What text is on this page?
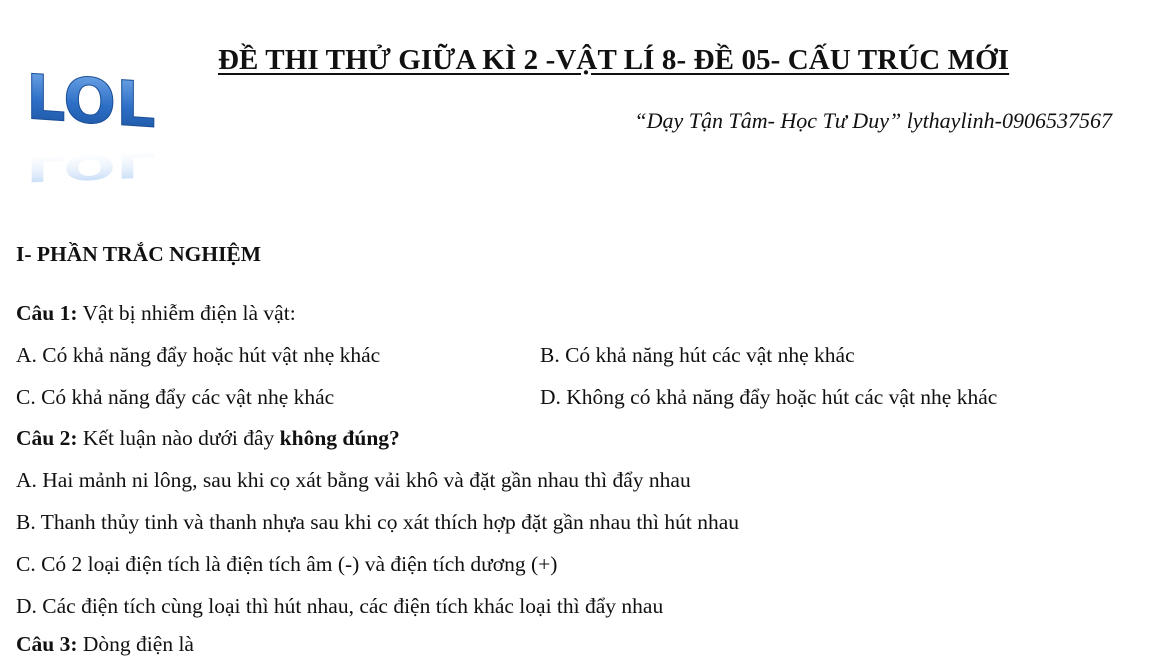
LOL
LOL
ĐỀ THI THỬ GIỮA KÌ 2 -VẬT LÍ 8- ĐỀ 05- CẤU TRÚC MỚI
“Dạy Tận Tâm- Học Tư Duy” lythaylinh-0906537567
I- PHẦN TRẮC NGHIỆM
Câu 1: Vật bị nhiễm điện là vật:
A. Có khả năng đẩy hoặc hút vật nhẹ khác	B. Có khả năng hút các vật nhẹ khác
C. Có khả năng đẩy các vật nhẹ khác	D. Không có khả năng đẩy hoặc hút các vật nhẹ khác
Câu 2: Kết luận nào dưới đây không đúng?
A. Hai mảnh ni lông, sau khi cọ xát bằng vải khô và đặt gần nhau thì đẩy nhau
B. Thanh thủy tinh và thanh nhựa sau khi cọ xát thích hợp đặt gần nhau thì hút nhau
C. Có 2 loại điện tích là điện tích âm (-) và điện tích dương (+)
D. Các điện tích cùng loại thì hút nhau, các điện tích khác loại thì đẩy nhau
Câu 3: Dòng điện là
